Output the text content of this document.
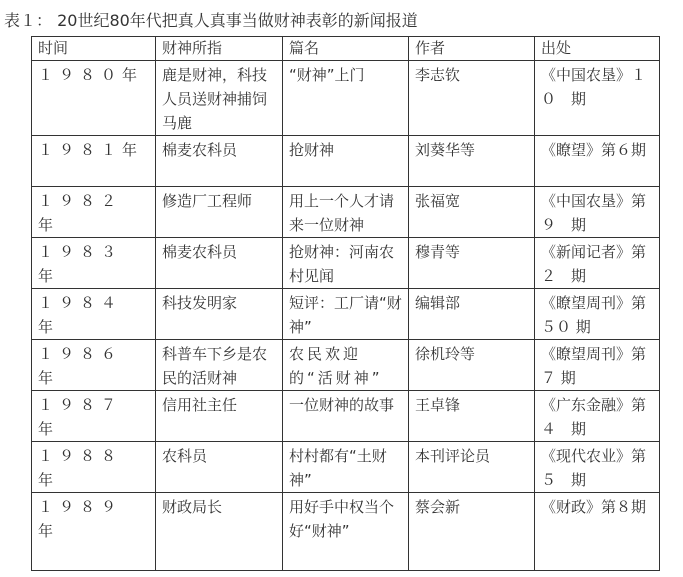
表１： 20世纪80年代把真人真事当做财神表彰的新闻报道
时间	财神所指	篇名	作者	出处
１９８０年	鹿是财神，科技人员送财神捕饲马鹿	“财神”上门	李志钦	《中国农垦》１０　期
１９８１年	棉麦农科员	抢财神	刘葵华等	《瞭望》第６期
１９８２ 年	修造厂工程师	用上一个人才请来一位财神	张福宽	《中国农垦》第９　期
１９８３ 年	棉麦农科员	抢财神：河南农村见闻	穆青等	《新闻记者》第２　期
１９８４ 年	科技发明家	短评：工厂请“财神”	编辑部	《瞭望周刊》第５０ 期
１９８６ 年	科普车下乡是农民的活财神	农民欢迎的“活财神”	徐机玲等	《瞭望周刊》第７ 期
１９８７ 年	信用社主任	一位财神的故事	王卓锋	《广东金融》第４　期
１９８８ 年	农科员	村村都有“土财神”	本刊评论员	《现代农业》第５　期
１９８９ 年	财政局长	用好手中权当个好“财神”	蔡会新	《财政》第８期
